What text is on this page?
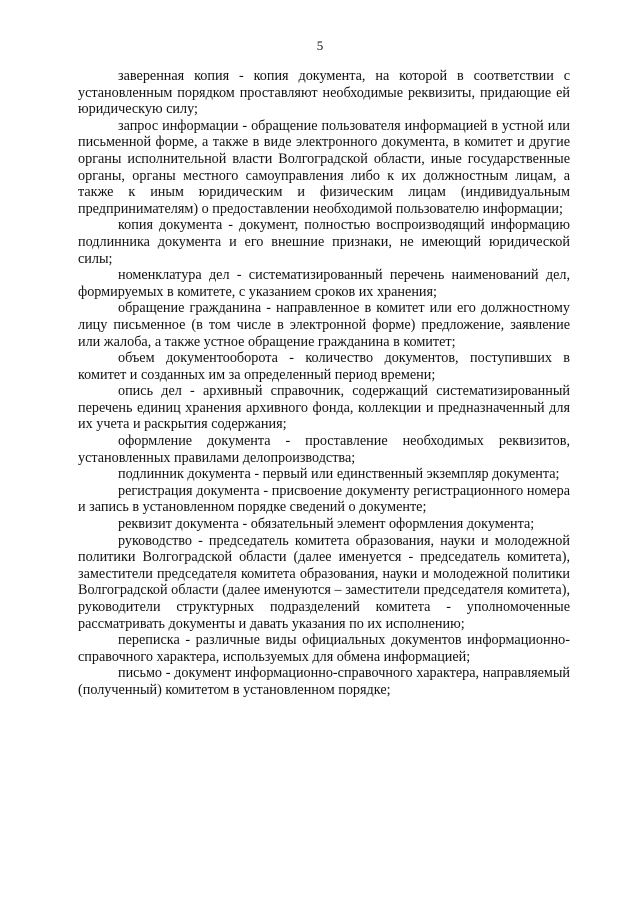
5

заверенная копия - копия документа, на которой в соответствии с установленным порядком проставляют необходимые реквизиты, придающие ей юридическую силу;

запрос информации - обращение пользователя информацией в устной или письменной форме, а также в виде электронного документа, в комитет и другие органы исполнительной власти Волгоградской области, иные государственные органы, органы местного самоуправления либо к их должностным лицам, а также к иным юридическим и физическим лицам (индивидуальным предпринимателям) о предоставлении необходимой пользователю информации;

копия документа - документ, полностью воспроизводящий информацию подлинника документа и его внешние признаки, не имеющий юридической силы;

номенклатура дел - систематизированный перечень наименований дел, формируемых в комитете, с указанием сроков их хранения;

обращение гражданина - направленное в комитет или его должностному лицу письменное (в том числе в электронной форме) предложение, заявление или жалоба, а также устное обращение гражданина в комитет;

объем документооборота - количество документов, поступивших в комитет и созданных им за определенный период времени;

опись дел - архивный справочник, содержащий систематизированный перечень единиц хранения архивного фонда, коллекции и предназначенный для их учета и раскрытия содержания;

оформление документа - проставление необходимых реквизитов, установленных правилами делопроизводства;

подлинник документа - первый или единственный экземпляр документа;

регистрация документа - присвоение документу регистрационного номера и запись в установленном порядке сведений о документе;

реквизит документа - обязательный элемент оформления документа;

руководство - председатель комитета образования, науки и молодежной политики Волгоградской области (далее именуется - председатель комитета), заместители председателя комитета образования, науки и молодежной политики Волгоградской области (далее именуются – заместители председателя комитета), руководители структурных подразделений комитета - уполномоченные рассматривать документы и давать указания по их исполнению;

переписка - различные виды официальных документов информационно-справочного характера, используемых для обмена информацией;

письмо - документ информационно-справочного характера, направляемый (полученный) комитетом в установленном порядке;
